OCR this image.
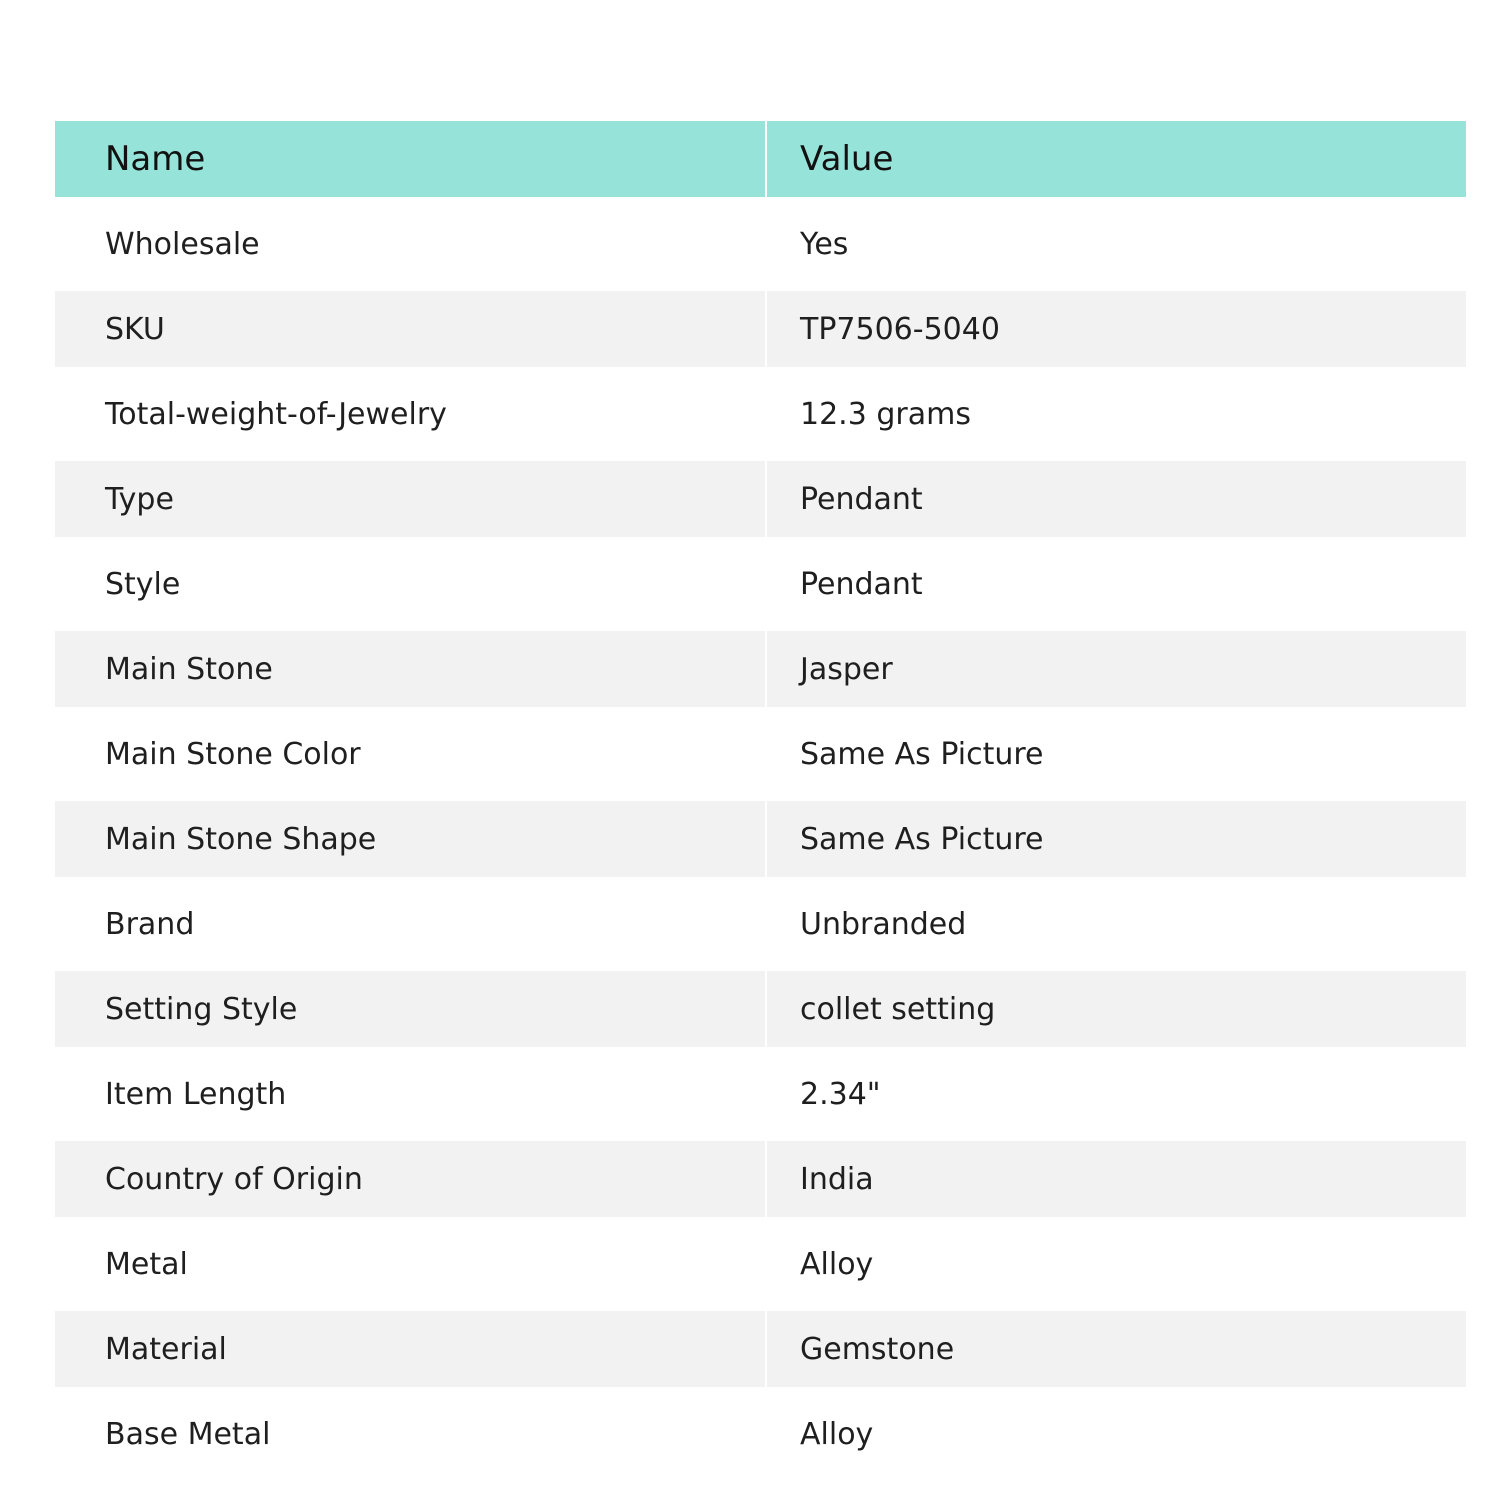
Name	Value
Wholesale	Yes
SKU	TP7506-5040
Total-weight-of-Jewelry	12.3 grams
Type	Pendant
Style	Pendant
Main Stone	Jasper
Main Stone Color	Same As Picture
Main Stone Shape	Same As Picture
Brand	Unbranded
Setting Style	collet setting
Item Length	2.34"
Country of Origin	India
Metal	Alloy
Material	Gemstone
Base Metal	Alloy
